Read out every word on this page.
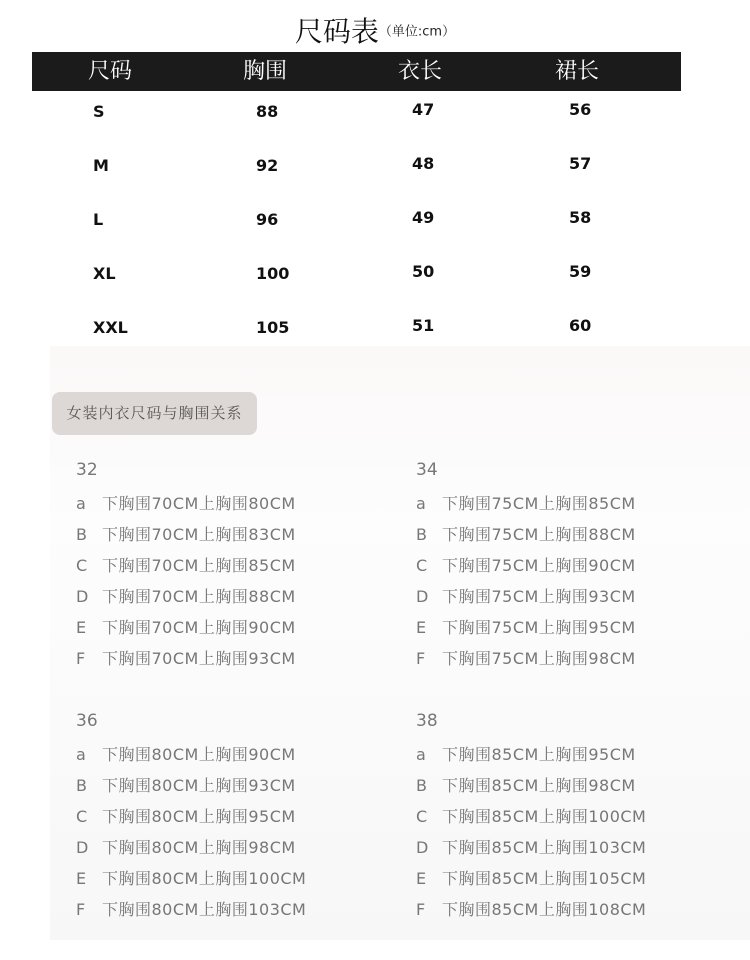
尺码表（单位:cm）
尺码	胸围	衣长	裙长
S	88	47	56
M	92	48	57
L	96	49	58
XL	100	50	59
XXL	105	51	60
女装内衣尺码与胸围关系
32
a 下胸围70CM上胸围80CM
B 下胸围70CM上胸围83CM
C 下胸围70CM上胸围85CM
D 下胸围70CM上胸围88CM
E 下胸围70CM上胸围90CM
F 下胸围70CM上胸围93CM
34
a 下胸围75CM上胸围85CM
B 下胸围75CM上胸围88CM
C 下胸围75CM上胸围90CM
D 下胸围75CM上胸围93CM
E 下胸围75CM上胸围95CM
F 下胸围75CM上胸围98CM
36
a 下胸围80CM上胸围90CM
B 下胸围80CM上胸围93CM
C 下胸围80CM上胸围95CM
D 下胸围80CM上胸围98CM
E 下胸围80CM上胸围100CM
F 下胸围80CM上胸围103CM
38
a 下胸围85CM上胸围95CM
B 下胸围85CM上胸围98CM
C 下胸围85CM上胸围100CM
D 下胸围85CM上胸围103CM
E 下胸围85CM上胸围105CM
F 下胸围85CM上胸围108CM
